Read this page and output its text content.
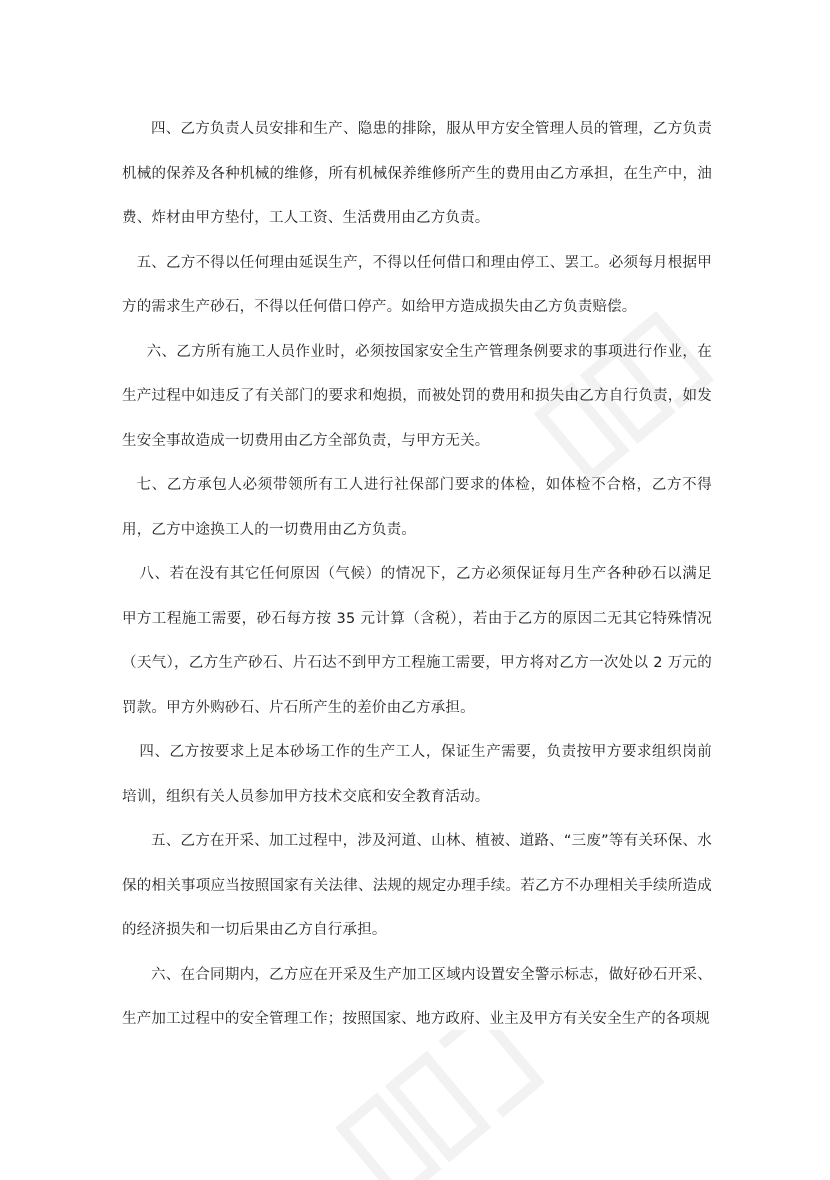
四、乙方负责人员安排和生产、隐患的排除，服从甲方安全管理人员的管理，乙方负责机械的保养及各种机械的维修，所有机械保养维修所产生的费用由乙方承担，在生产中，油费、炸材由甲方垫付，工人工资、生活费用由乙方负责。

五、乙方不得以任何理由延误生产，不得以任何借口和理由停工、罢工。必须每月根据甲方的需求生产砂石，不得以任何借口停产。如给甲方造成损失由乙方负责赔偿。

六、乙方所有施工人员作业时，必须按国家安全生产管理条例要求的事项进行作业，在生产过程中如违反了有关部门的要求和炮损，而被处罚的费用和损失由乙方自行负责，如发生安全事故造成一切费用由乙方全部负责，与甲方无关。

七、乙方承包人必须带领所有工人进行社保部门要求的体检，如体检不合格，乙方不得用，乙方中途换工人的一切费用由乙方负责。

八、若在没有其它任何原因（气候）的情况下，乙方必须保证每月生产各种砂石以满足甲方工程施工需要，砂石每方按 35 元计算（含税），若由于乙方的原因二无其它特殊情况（天气），乙方生产砂石、片石达不到甲方工程施工需要，甲方将对乙方一次处以 2 万元的罚款。甲方外购砂石、片石所产生的差价由乙方承担。

四、乙方按要求上足本砂场工作的生产工人，保证生产需要，负责按甲方要求组织岗前培训，组织有关人员参加甲方技术交底和安全教育活动。

五、乙方在开采、加工过程中，涉及河道、山林、植被、道路、“三废”等有关环保、水保的相关事项应当按照国家有关法律、法规的规定办理手续。若乙方不办理相关手续所造成的经济损失和一切后果由乙方自行承担。

六、在合同期内，乙方应在开采及生产加工区域内设置安全警示标志，做好砂石开采、生产加工过程中的安全管理工作；按照国家、地方政府、业主及甲方有关安全生产的各项规
